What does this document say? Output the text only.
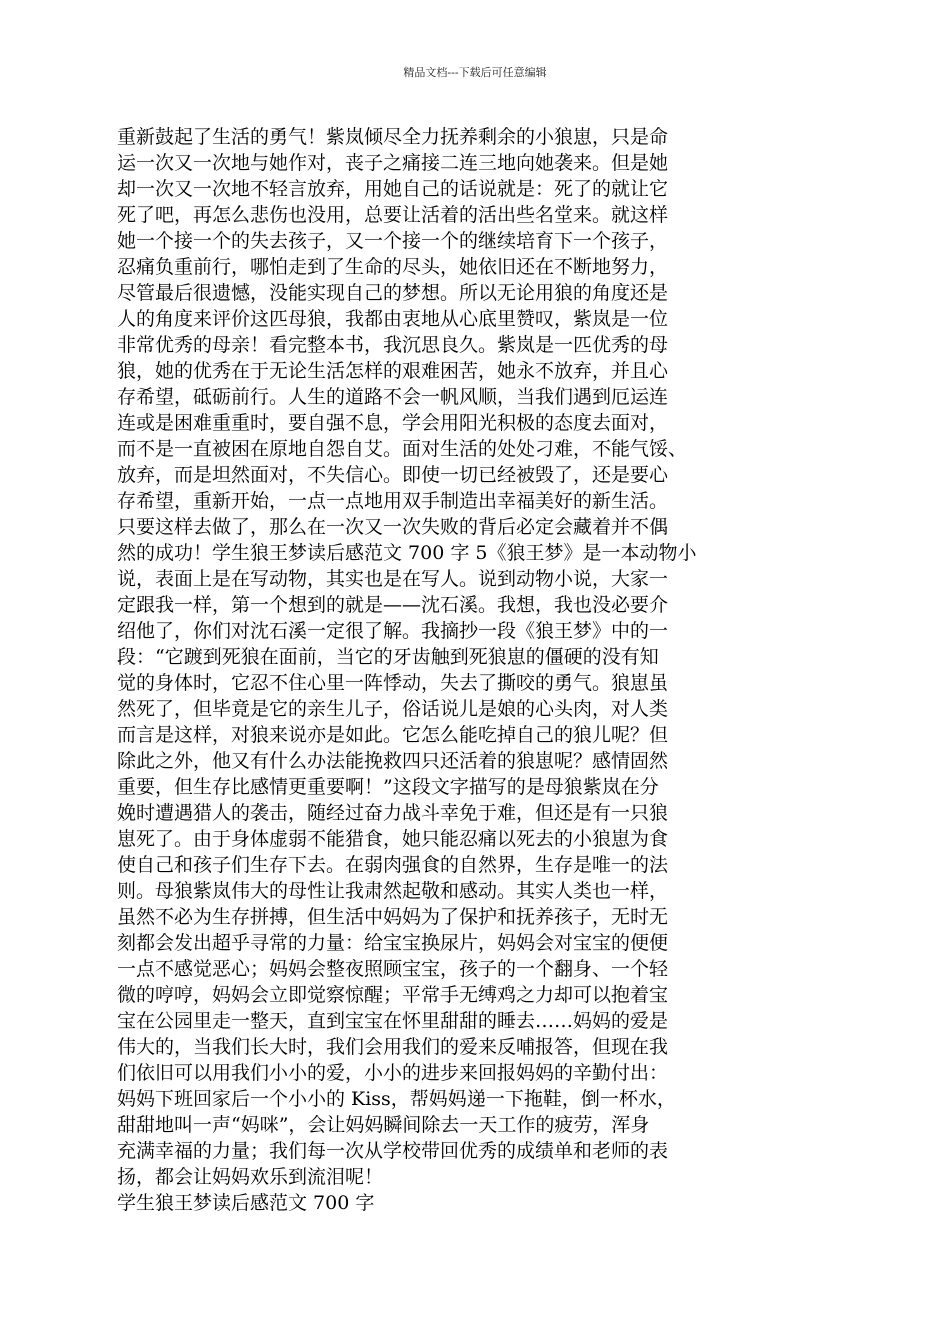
精品文档---下载后可任意编辑
重新鼓起了生活的勇气！紫岚倾尽全力抚养剩余的小狼崽，只是命
运一次又一次地与她作对，丧子之痛接二连三地向她袭来。但是她
却一次又一次地不轻言放弃，用她自己的话说就是：死了的就让它
死了吧，再怎么悲伤也没用，总要让活着的活出些名堂来。就这样
她一个接一个的失去孩子，又一个接一个的继续培育下一个孩子，
忍痛负重前行，哪怕走到了生命的尽头，她依旧还在不断地努力，
尽管最后很遗憾，没能实现自己的梦想。所以无论用狼的角度还是
人的角度来评价这匹母狼，我都由衷地从心底里赞叹，紫岚是一位
非常优秀的母亲！看完整本书，我沉思良久。紫岚是一匹优秀的母
狼，她的优秀在于无论生活怎样的艰难困苦，她永不放弃，并且心
存希望，砥砺前行。人生的道路不会一帆风顺，当我们遇到厄运连
连或是困难重重时，要自强不息，学会用阳光积极的态度去面对，
而不是一直被困在原地自怨自艾。面对生活的处处刁难，不能气馁、
放弃，而是坦然面对，不失信心。即使一切已经被毁了，还是要心
存希望，重新开始，一点一点地用双手制造出幸福美好的新生活。
只要这样去做了，那么在一次又一次失败的背后必定会藏着并不偶
然的成功！学生狼王梦读后感范文 700 字 5《狼王梦》是一本动物小
说，表面上是在写动物，其实也是在写人。说到动物小说，大家一
定跟我一样，第一个想到的就是——沈石溪。我想，我也没必要介
绍他了，你们对沈石溪一定很了解。我摘抄一段《狼王梦》中的一
段：“它踱到死狼在面前，当它的牙齿触到死狼崽的僵硬的没有知
觉的身体时，它忍不住心里一阵悸动，失去了撕咬的勇气。狼崽虽
然死了，但毕竟是它的亲生儿子，俗话说儿是娘的心头肉，对人类
而言是这样，对狼来说亦是如此。它怎么能吃掉自己的狼儿呢？但
除此之外，他又有什么办法能挽救四只还活着的狼崽呢？感情固然
重要，但生存比感情更重要啊！”这段文字描写的是母狼紫岚在分
娩时遭遇猎人的袭击，随经过奋力战斗幸免于难，但还是有一只狼
崽死了。由于身体虚弱不能猎食，她只能忍痛以死去的小狼崽为食
使自己和孩子们生存下去。在弱肉强食的自然界，生存是唯一的法
则。母狼紫岚伟大的母性让我肃然起敬和感动。其实人类也一样，
虽然不必为生存拼搏，但生活中妈妈为了保护和抚养孩子，无时无
刻都会发出超乎寻常的力量：给宝宝换尿片，妈妈会对宝宝的便便
一点不感觉恶心；妈妈会整夜照顾宝宝，孩子的一个翻身、一个轻
微的哼哼，妈妈会立即觉察惊醒；平常手无缚鸡之力却可以抱着宝
宝在公园里走一整天，直到宝宝在怀里甜甜的睡去……妈妈的爱是
伟大的，当我们长大时，我们会用我们的爱来反哺报答，但现在我
们依旧可以用我们小小的爱，小小的进步来回报妈妈的辛勤付出：
妈妈下班回家后一个小小的 Kiss，帮妈妈递一下拖鞋，倒一杯水，
甜甜地叫一声“妈咪”，会让妈妈瞬间除去一天工作的疲劳，浑身
充满幸福的力量；我们每一次从学校带回优秀的成绩单和老师的表
扬，都会让妈妈欢乐到流泪呢！
学生狼王梦读后感范文 700 字
